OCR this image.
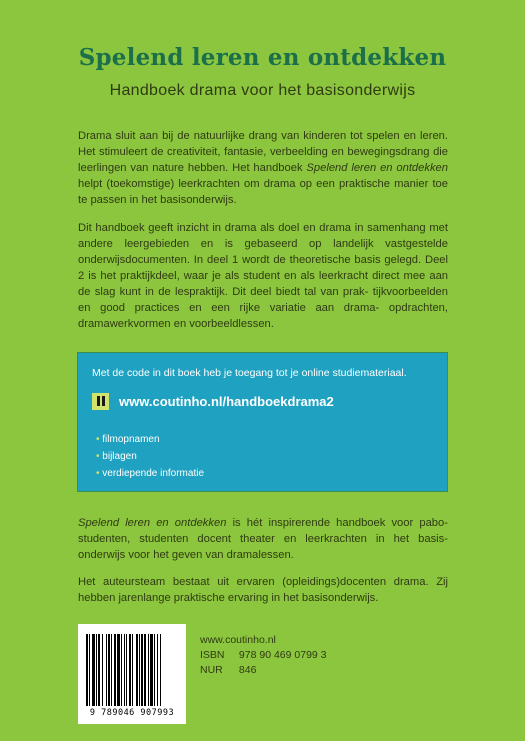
Spelend leren en ontdekken
Handboek drama voor het basisonderwijs
Drama sluit aan bij de natuurlijke drang van kinderen tot spelen en leren. Het stimuleert de creativiteit, fantasie, verbeelding en bewegingsdrang die leerlingen van nature hebben. Het handboek Spelend leren en ontdekken helpt (toekomstige) leerkrachten om drama op een praktische manier toe te passen in het basisonderwijs.
Dit handboek geeft inzicht in drama als doel en drama in samenhang met andere leergebieden en is gebaseerd op landelijk vastgestelde onderwijsdocumenten. In deel 1 wordt de theoretische basis gelegd. Deel 2 is het praktijkdeel, waar je als student en als leerkracht direct mee aan de slag kunt in de lespraktijk. Dit deel biedt tal van prak- tijkvoorbeelden en good practices en een rijke variatie aan drama- opdrachten, dramawerkvormen en voorbeeldlessen.
Met de code in dit boek heb je toegang tot je online studiemateriaal.
www.coutinho.nl/handboekdrama2
• filmopnamen
• bijlagen
• verdiepende informatie
Spelend leren en ontdekken is hét inspirerende handboek voor pabo- studenten, studenten docent theater en leerkrachten in het basis- onderwijs voor het geven van dramalessen.
Het auteursteam bestaat uit ervaren (opleidings)docenten drama. Zij hebben jarenlange praktische ervaring in het basisonderwijs.
9 789046 907993
www.coutinho.nl
ISBN 978 90 469 0799 3
NUR 846
